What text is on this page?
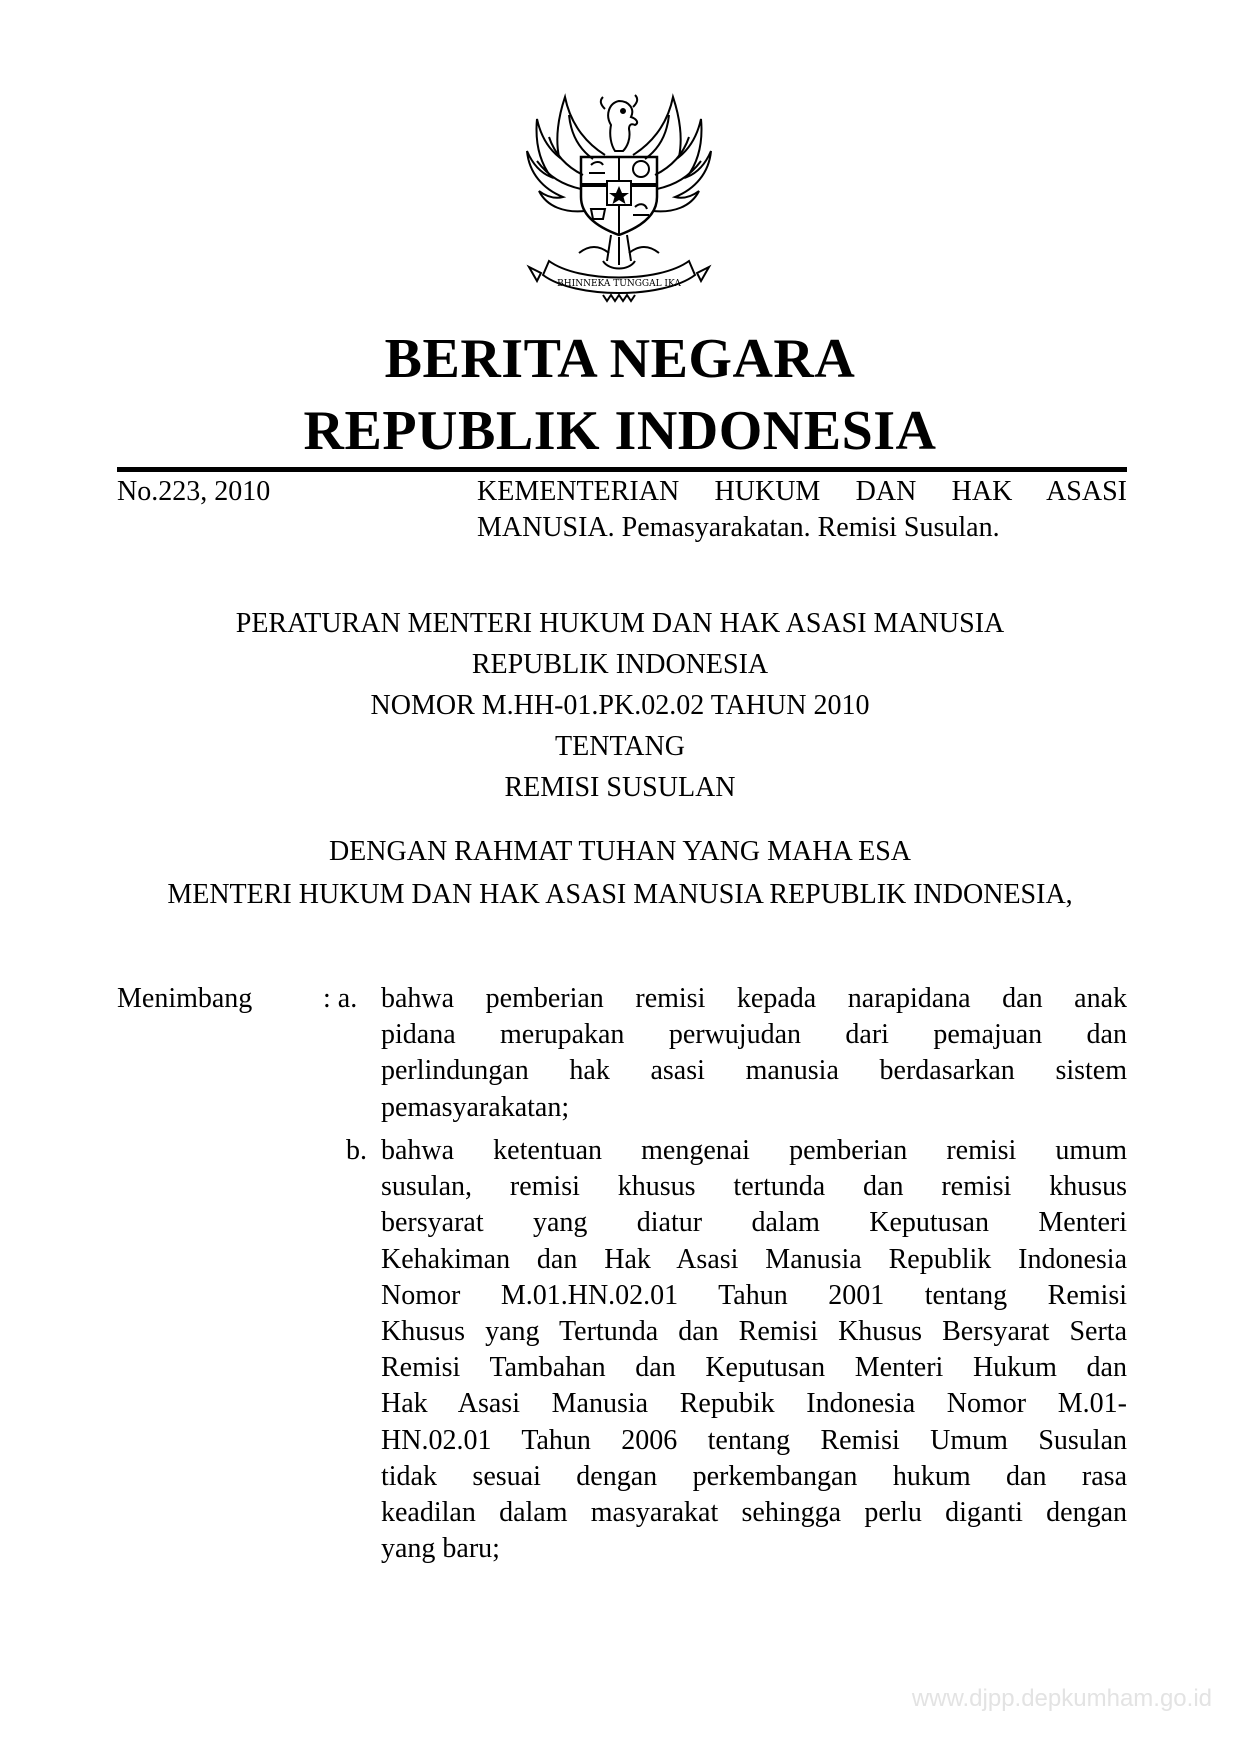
BHINNEKA TUNGGAL IKA
BERITA NEGARA
REPUBLIK INDONESIA
No.223, 2010	KEMENTERIAN HUKUM DAN HAK ASASI
MANUSIA. Pemasyarakatan. Remisi Susulan.
PERATURAN MENTERI HUKUM DAN HAK ASASI MANUSIA
REPUBLIK INDONESIA
NOMOR M.HH-01.PK.02.02 TAHUN 2010
TENTANG
REMISI SUSULAN
DENGAN RAHMAT TUHAN YANG MAHA ESA
MENTERI HUKUM DAN HAK ASASI MANUSIA REPUBLIK INDONESIA,
Menimbang	: a. bahwa pemberian remisi kepada narapidana dan anak
pidana merupakan perwujudan dari pemajuan dan
perlindungan hak asasi manusia berdasarkan sistem
pemasyarakatan;
b. bahwa ketentuan mengenai pemberian remisi umum
susulan, remisi khusus tertunda dan remisi khusus
bersyarat yang diatur dalam Keputusan Menteri
Kehakiman dan Hak Asasi Manusia Republik Indonesia
Nomor M.01.HN.02.01 Tahun 2001 tentang Remisi
Khusus yang Tertunda dan Remisi Khusus Bersyarat Serta
Remisi Tambahan dan Keputusan Menteri Hukum dan
Hak Asasi Manusia Repubik Indonesia Nomor M.01-
HN.02.01 Tahun 2006 tentang Remisi Umum Susulan
tidak sesuai dengan perkembangan hukum dan rasa
keadilan dalam masyarakat sehingga perlu diganti dengan
yang baru;
www.djpp.depkumham.go.id
